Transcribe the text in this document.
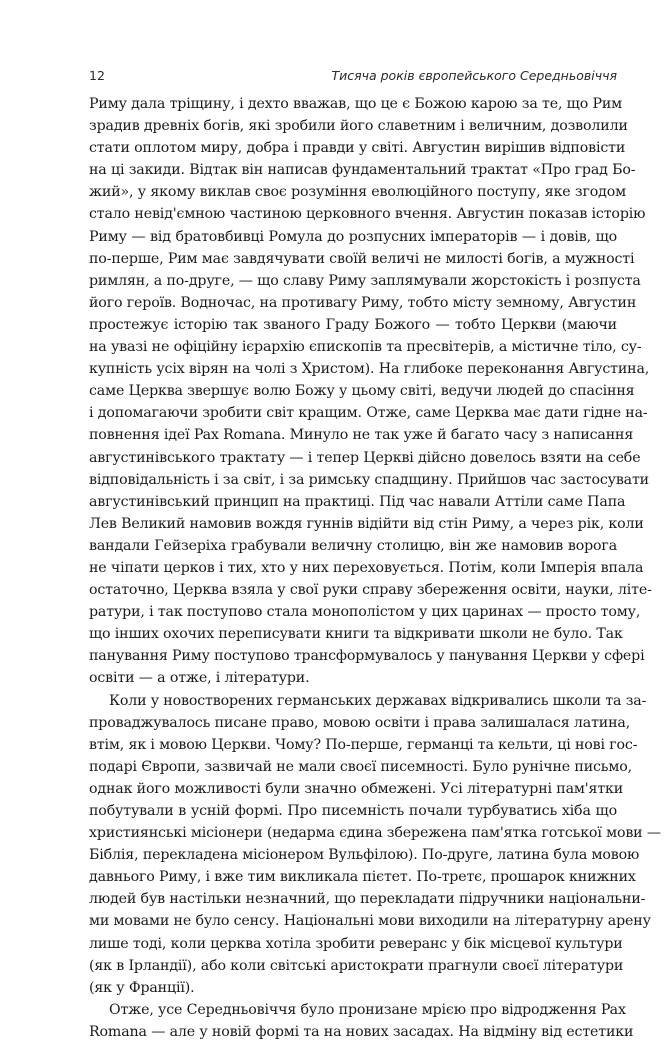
12	Тисяча років європейського Середньовіччя
Риму дала тріщину, і дехто вважав, що це є Божою карою за те, що Рим
зрадив древніх богів, які зробили його славетним і величним, дозволили
стати оплотом миру, добра і правди у світі. Августин вирішив відповісти
на ці закиди. Відтак він написав фундаментальний трактат «Про град Бо-
жий», у якому виклав своє розуміння еволюційного поступу, яке згодом
стало невід'ємною частиною церковного вчення. Августин показав історію
Риму — від братовбивці Ромула до розпусних імператорів — і довів, що
по-перше, Рим має завдячувати своїй величі не милості богів, а мужності
римлян, а по-друге, — що славу Риму заплямували жорстокість і розпуста
його героїв. Водночас, на противагу Риму, тобто місту земному, Августин
простежує історію так званого Граду Божого — тобто Церкви (маючи
на увазі не офіційну ієрархію єпископів та пресвітерів, а містичне тіло, су-
купність усіх вірян на чолі з Христом). На глибоке переконання Августина,
саме Церква звершує волю Божу у цьому світі, ведучи людей до спасіння
і допомагаючи зробити світ кращим. Отже, саме Церква має дати гідне на-
повнення ідеї Pax Romana. Минуло не так уже й багато часу з написання
августинівського трактату — і тепер Церкві дійсно довелось взяти на себе
відповідальність і за світ, і за римську спадщину. Прийшов час застосувати
августинівський принцип на практиці. Під час навали Аттіли саме Папа
Лев Великий намовив вождя гуннів відійти від стін Риму, а через рік, коли
вандали Гейзеріха грабували величну столицю, він же намовив ворога
не чіпати церков і тих, хто у них переховується. Потім, коли Імперія впала
остаточно, Церква взяла у свої руки справу збереження освіти, науки, літе-
ратури, і так поступово стала монополістом у цих царинах — просто тому,
що інших охочих переписувати книги та відкривати школи не було. Так
панування Риму поступово трансформувалось у панування Церкви у сфері
освіти — а отже, і літератури.
Коли у новостворених германських державах відкривались школи та за-
проваджувалось писане право, мовою освіти і права залишалася латина,
втім, як і мовою Церкви. Чому? По-перше, германці та кельти, ці нові гос-
подарі Європи, зазвичай не мали своєї писемності. Було рунічне письмо,
однак його можливості були значно обмежені. Усі літературні пам'ятки
побутували в усній формі. Про писемність почали турбуватись хіба що
християнські місіонери (недарма єдина збережена пам'ятка готської мови —
Біблія, перекладена місіонером Вульфілою). По-друге, латина була мовою
давнього Риму, і вже тим викликала пієтет. По-третє, прошарок книжних
людей був настільки незначний, що перекладати підручники національни-
ми мовами не було сенсу. Національні мови виходили на літературну арену
лише тоді, коли церква хотіла зробити реверанс у бік місцевої культури
(як в Ірландії), або коли світські аристократи прагнули своєї літератури
(як у Франції).
Отже, усе Середньовіччя було пронизане мрією про відродження Pax
Romana — але у новій формі та на нових засадах. На відміну від естетики
